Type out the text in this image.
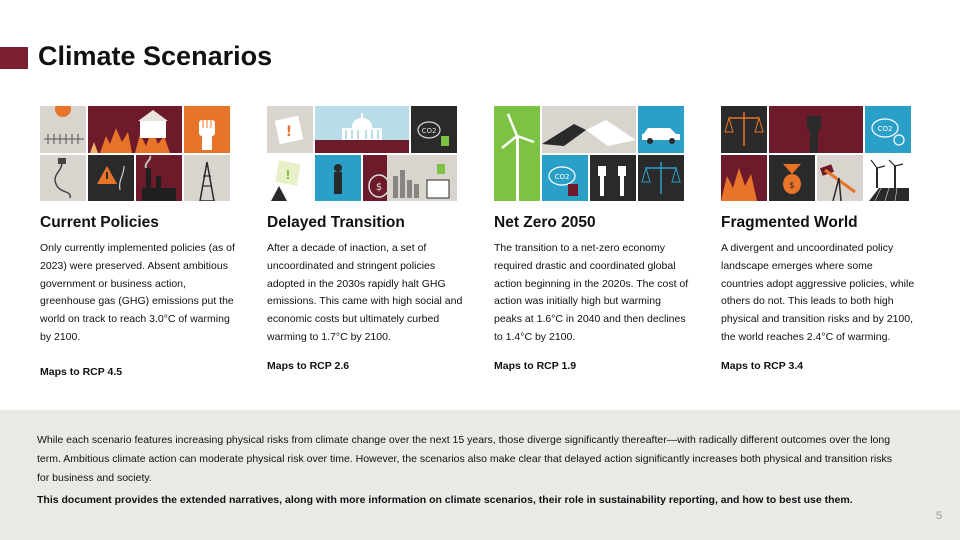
Climate Scenarios
Current Policies
Only currently implemented policies (as of 2023) were preserved. Absent ambitious government or business action, greenhouse gas (GHG) emissions put the world on track to reach 3.0°C of warming by 2100.
Maps to RCP 4.5
!	CO2
!
$
Delayed Transition
After a decade of inaction, a set of uncoordinated and stringent policies adopted in the 2030s rapidly halt GHG emissions. This came with high social and economic costs but ultimately curbed warming to 1.7°C by 2100.
Maps to RCP 2.6
CO2
Net Zero 2050
The transition to a net-zero economy required drastic and coordinated global action beginning in the 2020s. The cost of action was initially high but warming peaks at 1.6°C in 2040 and then declines to 1.4°C by 2100.
Maps to RCP 1.9
CO2
$
Fragmented World
A divergent and uncoordinated policy landscape emerges where some countries adopt aggressive policies, while others do not. This leads to both high physical and transition risks and by 2100, the world reaches 2.4°C of warming.
Maps to RCP 3.4
While each scenario features increasing physical risks from climate change over the next 15 years, those diverge significantly thereafter—with radically different outcomes over the long term. Ambitious climate action can moderate physical risk over time. However, the scenarios also make clear that delayed action significantly increases both physical and transition risks for business and society.
This document provides the extended narratives, along with more information on climate scenarios, their role in sustainability reporting, and how to best use them.
5
